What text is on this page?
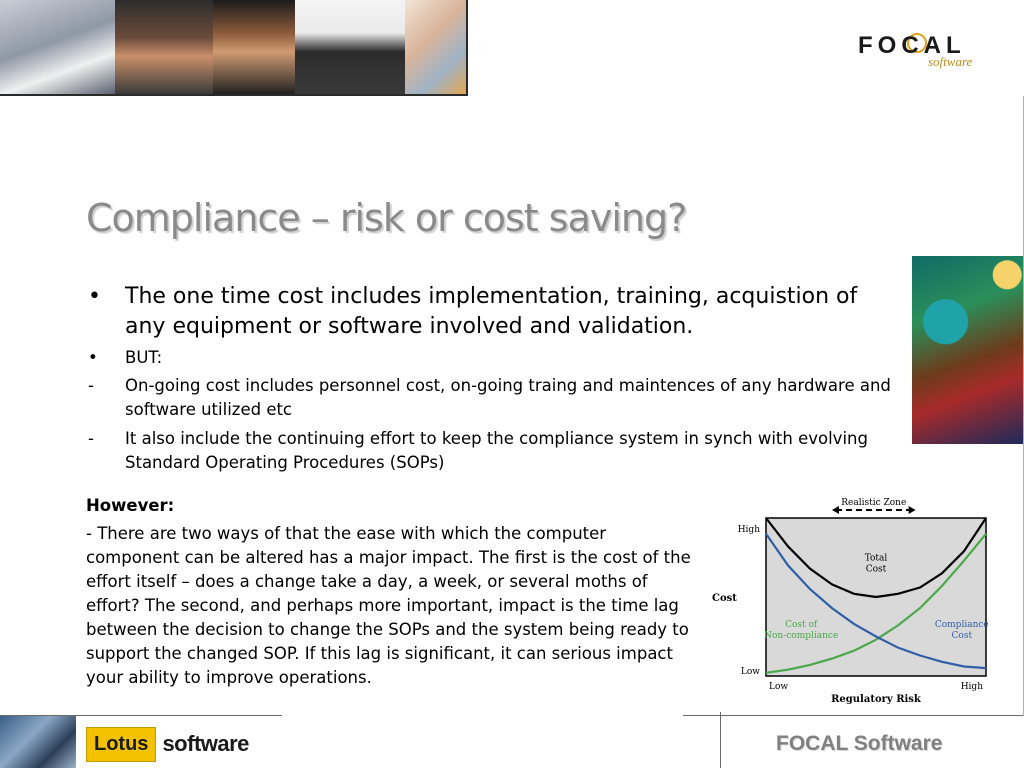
FOCAL
software
Compliance – risk or cost saving?
• The one time cost includes implementation, training, acquistion of any equipment or software involved and validation.
• BUT:
- On-going cost includes personnel cost, on-going traing and maintences of any hardware and software utilized etc
- It also include the continuing effort to keep the compliance system in synch with evolving Standard Operating Procedures (SOPs)

However:

- There are two ways of that the ease with which the computer component can be altered has a major impact. The first is the cost of the effort itself – does a change take a day, a week, or several moths of effort? The second, and perhaps more important, impact is the time lag between the decision to change the SOPs and the system being ready to support the changed SOP. If this lag is significant, it can serious impact your ability to improve operations.

Realistic Zone
Total
Cost
Cost of
Non-compliance
Compliance
Cost
Cost
Regulatory Risk
High
Low
Low	High
Lotus software	FOCAL Software
